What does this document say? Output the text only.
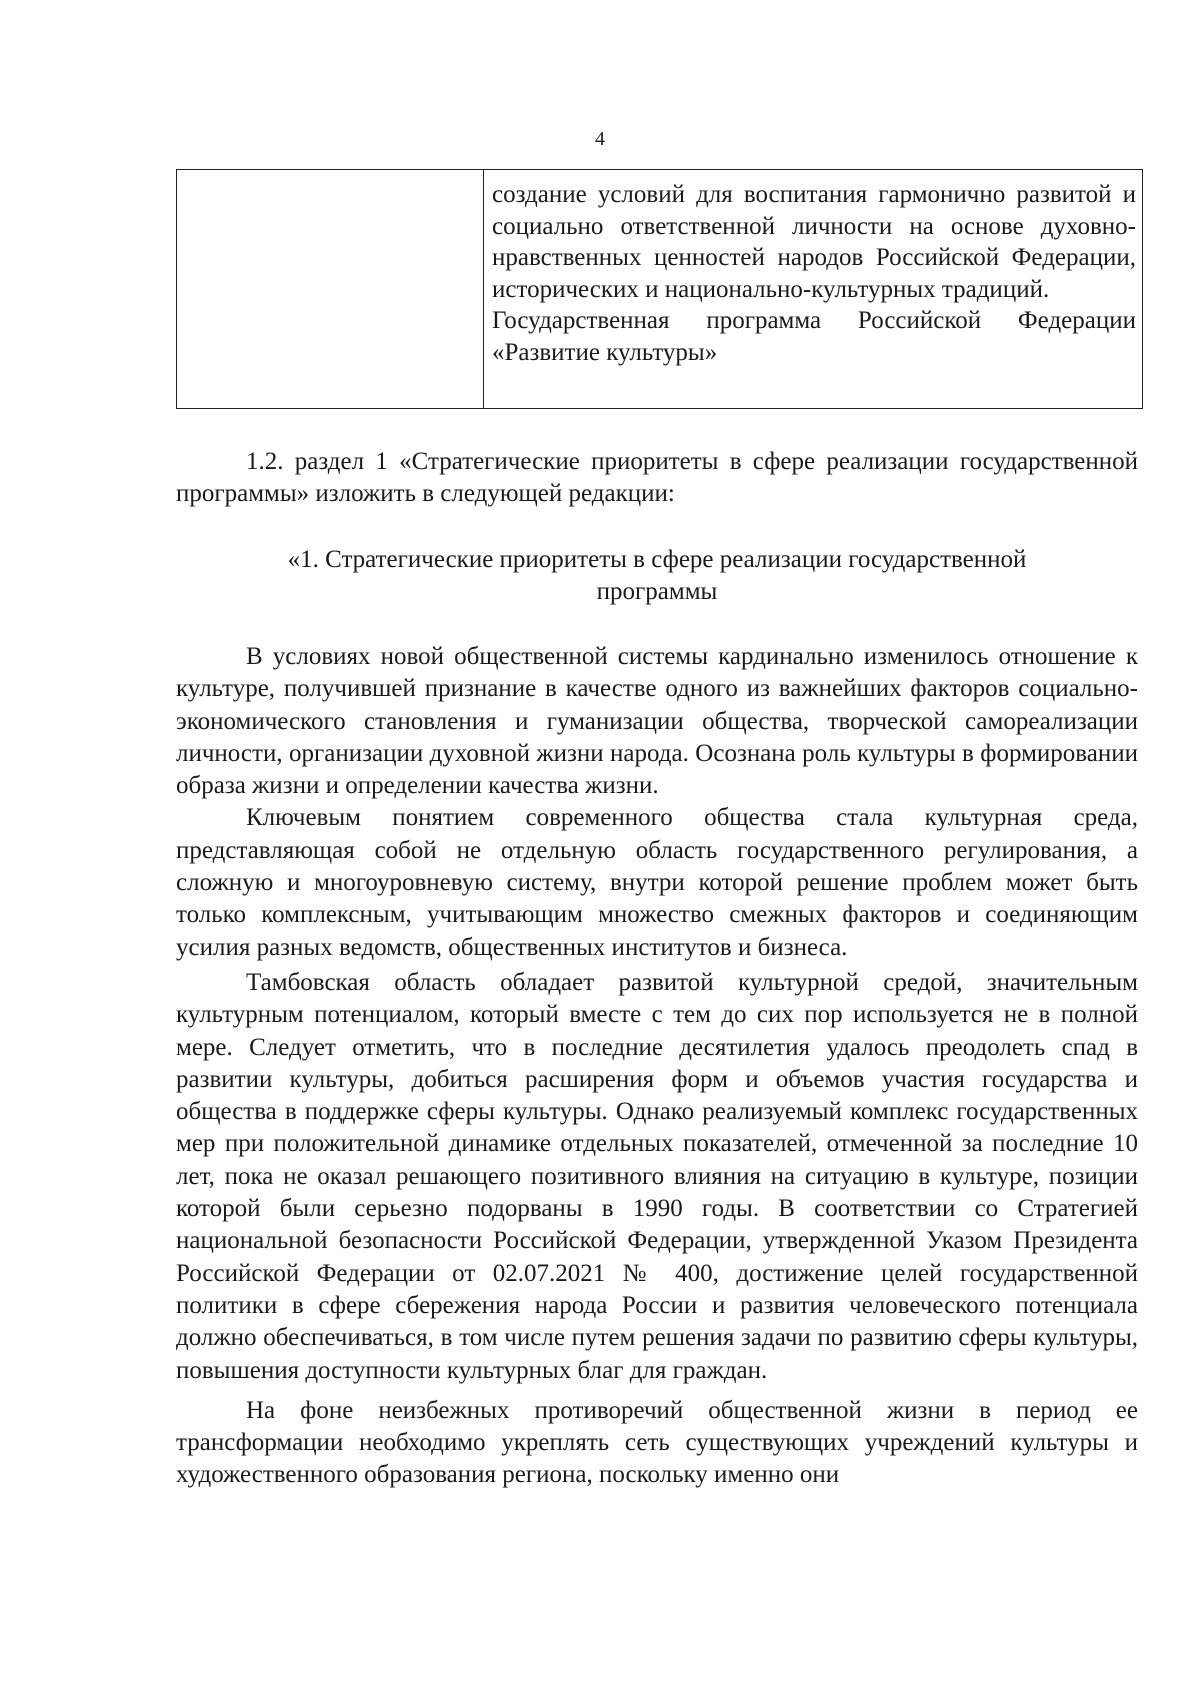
4

создание условий для воспитания гармонично развитой и социально ответственной личности на основе духовно-нравственных ценностей народов Российской Федерации, исторических и национально-культурных традиций.

Государственная программа Российской Федерации «Развитие культуры»

1.2. раздел 1 «Стратегические приоритеты в сфере реализации государственной программы» изложить в следующей редакции:

«1. Стратегические приоритеты в сфере реализации государственной
программы

В условиях новой общественной системы кардинально изменилось отношение к культуре, получившей признание в качестве одного из важнейших факторов социально-экономического становления и гуманизации общества, творческой самореализации личности, организации духовной жизни народа. Осознана роль культуры в формировании образа жизни и определении качества жизни.

Ключевым понятием современного общества стала культурная среда, представляющая собой не отдельную область государственного регулирования, а сложную и многоуровневую систему, внутри которой решение проблем может быть только комплексным, учитывающим множество смежных факторов и соединяющим усилия разных ведомств, общественных институтов и бизнеса.

Тамбовская область обладает развитой культурной средой, значительным культурным потенциалом, который вместе с тем до сих пор используется не в полной мере. Следует отметить, что в последние десятилетия удалось преодолеть спад в развитии культуры, добиться расширения форм и объемов участия государства и общества в поддержке сферы культуры. Однако реализуемый комплекс государственных мер при положительной динамике отдельных показателей, отмеченной за последние 10 лет, пока не оказал решающего позитивного влияния на ситуацию в культуре, позиции которой были серьезно подорваны в 1990 годы. В соответствии со Стратегией национальной безопасности Российской Федерации, утвержденной Указом Президента Российской Федерации от 02.07.2021 № 400, достижение целей государственной политики в сфере сбережения народа России и развития человеческого потенциала должно обеспечиваться, в том числе путем решения задачи по развитию сферы культуры, повышения доступности культурных благ для граждан.

На фоне неизбежных противоречий общественной жизни в период ее трансформации необходимо укреплять сеть существующих учреждений культуры и художественного образования региона, поскольку именно они
